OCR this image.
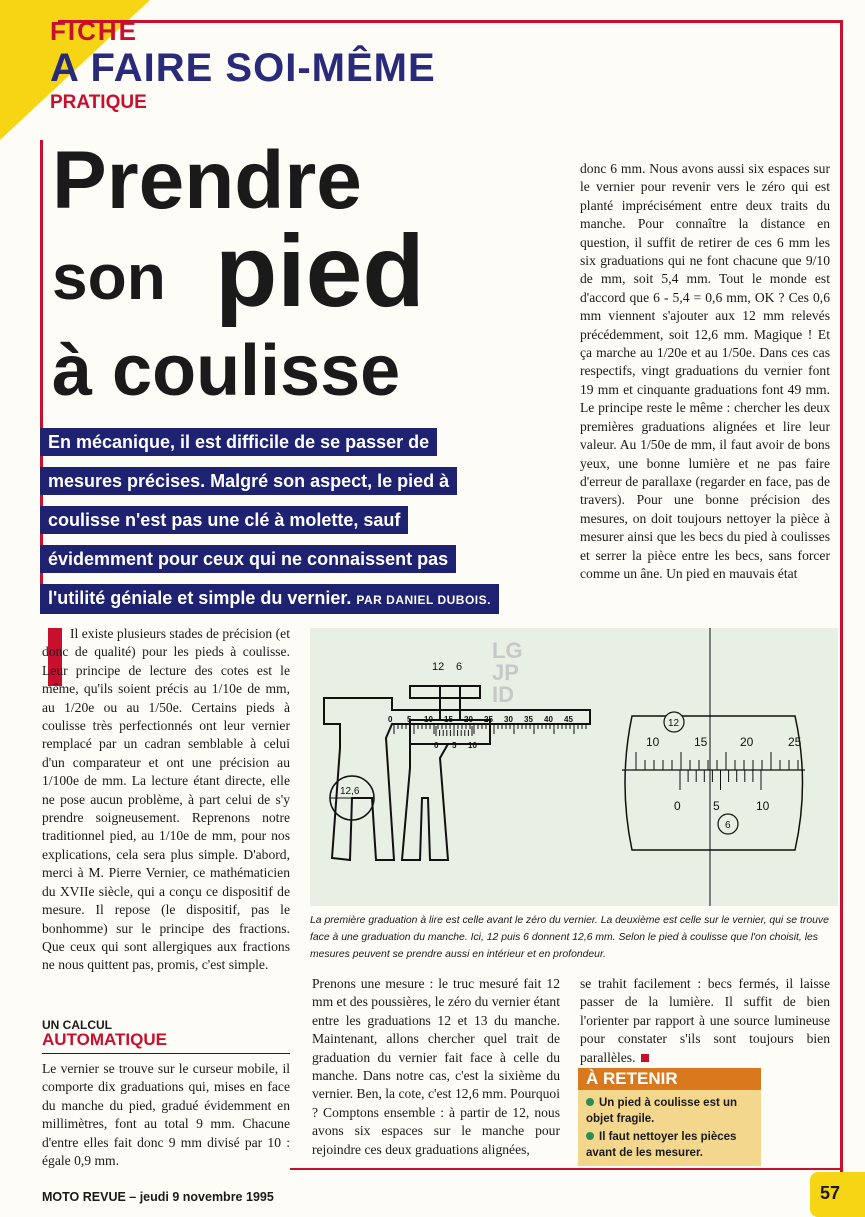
FICHE
A FAIRE SOI-MÊME
PRATIQUE
Prendre
son pied
à coulisse
En mécanique, il est difficile de se passer de
mesures précises. Malgré son aspect, le pied à
coulisse n'est pas une clé à molette, sauf
évidemment pour ceux qui ne connaissent pas
l'utilité géniale et simple du vernier. PAR DANIEL DUBOIS.
donc 6 mm. Nous avons aussi six espaces sur le vernier pour revenir vers le zéro qui est planté imprécisément entre deux traits du manche. Pour connaître la distance en question, il suffit de retirer de ces 6 mm les six graduations qui ne font chacune que 9/10 de mm, soit 5,4 mm. Tout le monde est d'accord que 6 - 5,4 = 0,6 mm, OK ? Ces 0,6 mm viennent s'ajouter aux 12 mm relevés précédemment, soit 12,6 mm. Magique ! Et ça marche au 1/20e et au 1/50e. Dans ces cas respectifs, vingt graduations du vernier font 19 mm et cinquante graduations font 49 mm. Le principe reste le même : chercher les deux premières graduations alignées et lire leur valeur. Au 1/50e de mm, il faut avoir de bons yeux, une bonne lumière et ne pas faire d'erreur de parallaxe (regarder en face, pas de travers). Pour une bonne précision des mesures, on doit toujours nettoyer la pièce à mesurer ainsi que les becs du pied à coulisses et serrer la pièce entre les becs, sans forcer comme un âne. Un pied en mauvais état

Il existe plusieurs stades de précision (et donc de qualité) pour les pieds à coulisse. Leur principe de lecture des cotes est le même, qu'ils soient précis au 1/10e de mm, au 1/20e ou au 1/50e. Certains pieds à coulisse très perfectionnés ont leur vernier remplacé par un cadran semblable à celui d'un comparateur et ont une précision au 1/100e de mm. La lecture étant directe, elle ne pose aucun problème, à part celui de s'y prendre soigneusement. Reprenons notre traditionnel pied, au 1/10e de mm, pour nos explications, cela sera plus simple. D'abord, merci à M. Pierre Vernier, ce mathématicien du XVIIe siècle, qui a conçu ce dispositif de mesure. Il repose (le dispositif, pas le bonhomme) sur le principe des fractions. Que ceux qui sont allergiques aux fractions ne nous quittent pas, promis, c'est simple.

UN CALCUL
AUTOMATIQUE
Le vernier se trouve sur le curseur mobile, il comporte dix graduations qui, mises en face du manche du pied, gradué évidemment en millimètres, font au total 9 mm. Chacune d'entre elles fait donc 9 mm divisé par 10 : égale 0,9 mm.
Prenons une mesure : le truc mesuré fait 12 mm et des poussières, le zéro du vernier étant entre les graduations 12 et 13 du manche. Maintenant, allons chercher quel trait de graduation du vernier fait face à celle du manche. Dans notre cas, c'est la sixième du vernier. Ben, la cote, c'est 12,6 mm. Pourquoi ? Comptons ensemble : à partir de 12, nous avons six espaces sur le manche pour rejoindre ces deux graduations alignées,
se trahit facilement : becs fermés, il laisse passer de la lumière. Il suffit de bien l'orienter par rapport à une source lumineuse pour constater s'ils sont toujours bien parallèles.
LG
JP
ID
0 5 10 15 20 25 30 35 40 45
0 5 10
12 6
12,6
10	15	20	25
0	5	10
12
6
La première graduation à lire est celle avant le zéro du vernier. La deuxième est celle sur le vernier, qui se trouve face à une graduation du manche. Ici, 12 puis 6 donnent 12,6 mm. Selon le pied à coulisse que l'on choisit, les mesures peuvent se prendre aussi en intérieur et en profondeur.
À RETENIR
Un pied à coulisse est un objet fragile.
Il faut nettoyer les pièces avant de les mesurer.
MOTO REVUE – jeudi 9 novembre 1995	57
